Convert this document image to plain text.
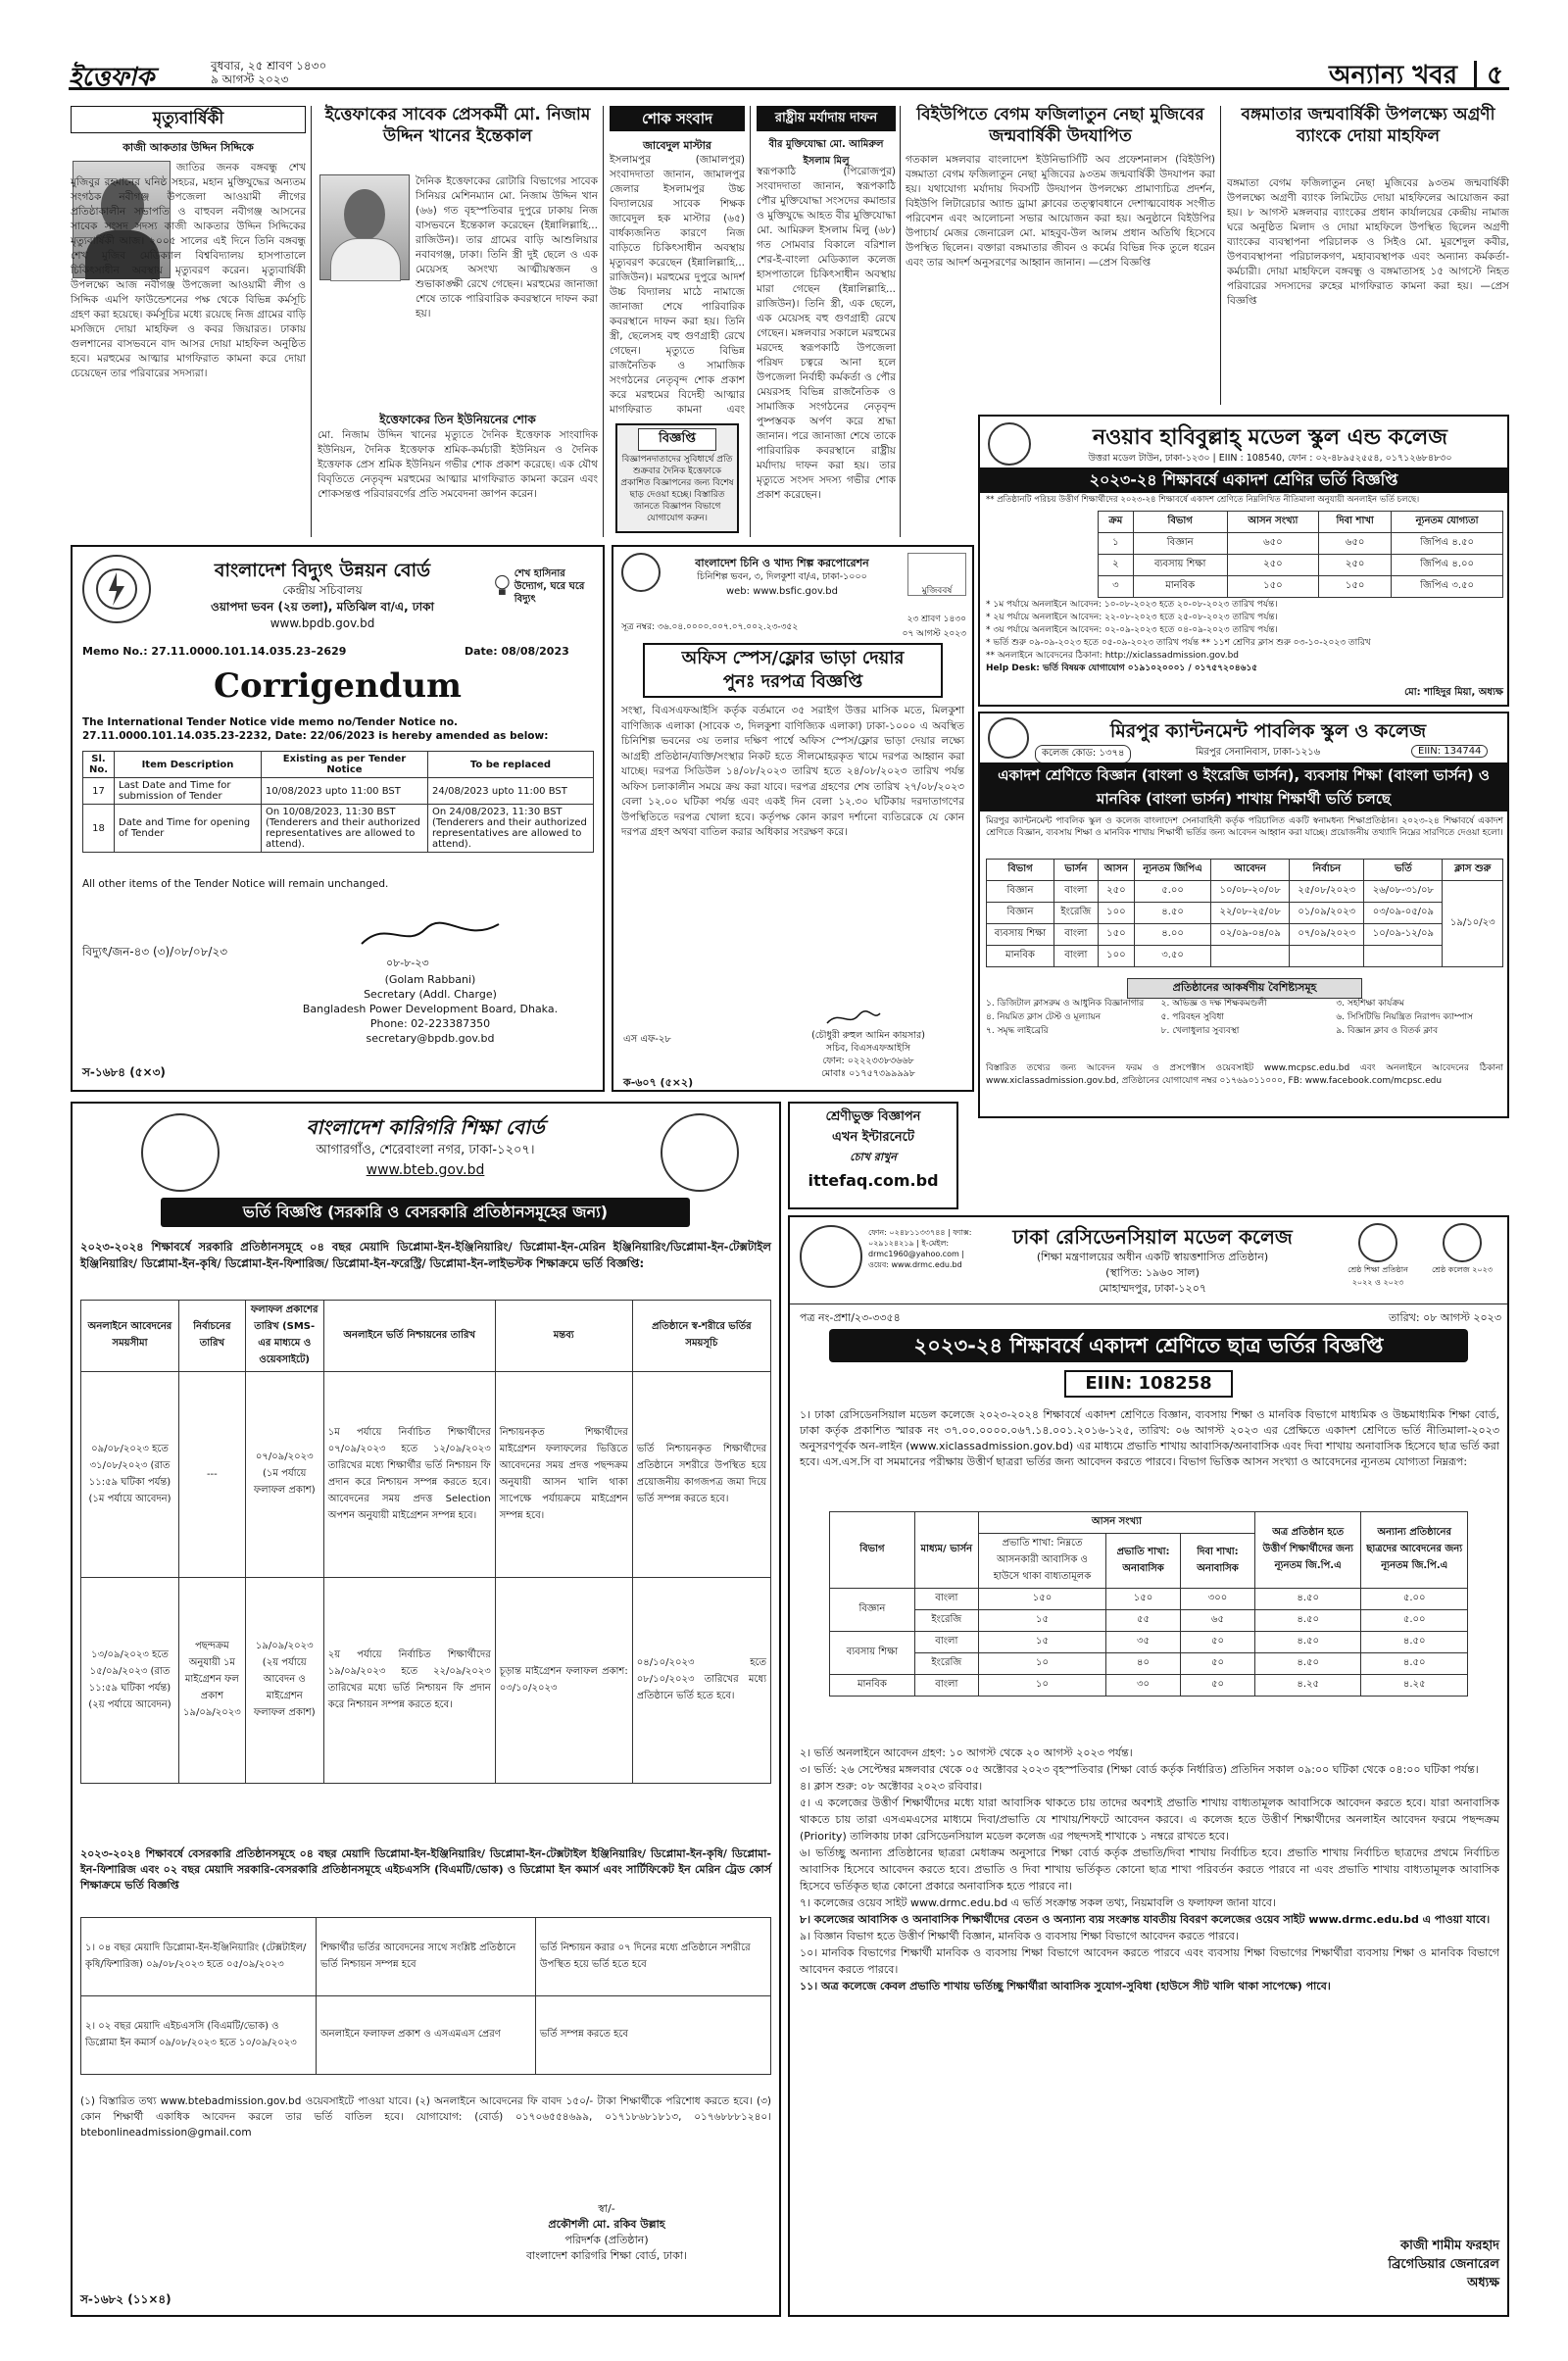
ইত্তেফাক	বুধবার, ২৫ শ্রাবণ ১৪৩০
৯ আগস্ট ২০২৩	অন্যান্য খবর ৫
মৃত্যুবার্ষিকী
কাজী আকতার উদ্দিন সিদ্দিকে
জাতির জনক বঙ্গবন্ধু শেখ মুজিবুর রহমানের ঘনিষ্ঠ সহচর, মহান মুক্তিযুদ্ধের অন্যতম সংগঠক নবীগঞ্জ উপজেলা আওয়ামী লীগের প্রতিষ্ঠাকালীন সভাপতি ও বাহুবল নবীগঞ্জ আসনের সাবেক সংসদ সদস্য কাজী আকতার উদ্দিন সিদ্দিকের মৃত্যুবার্ষিকী আজ। ২০০৫ সালের এই দিনে তিনি বঙ্গবন্ধু শেখ মুজিব মেডিক্যাল বিশ্ববিদ্যালয় হাসপাতালে চিকিৎসাধীন অবস্থায় মৃত্যুবরণ করেন। মৃত্যুবার্ষিকী উপলক্ষ্যে আজ নবীগঞ্জ উপজেলা আওয়ামী লীগ ও সিদ্দিক এমপি ফাউন্ডেশনের পক্ষ থেকে বিভিন্ন কর্মসূচি গ্রহণ করা হয়েছে। কর্মসূচির মধ্যে রয়েছে নিজ গ্রামের বাড়ি মসজিদে দোয়া মাহফিল ও কবর জিয়ারত। ঢাকায় গুলশানের বাসভবনে বাদ আসর দোয়া মাহফিল অনুষ্ঠিত হবে। মরহুমের আত্মার মাগফিরাত কামনা করে দোয়া চেয়েছেন তার পরিবারের সদস্যরা।
ইত্তেফাকের সাবেক প্রেসকর্মী মো. নিজাম উদ্দিন খানের ইন্তেকাল
দৈনিক ইত্তেফাকের রোটারি বিভাগের সাবেক সিনিয়র মেশিনম্যান মো. নিজাম উদ্দিন খান (৬৬) গত বৃহস্পতিবার দুপুরে ঢাকায় নিজ বাসভবনে ইন্তেকাল করেছেন (ইন্নালিল্লাহি... রাজিউন)। তার গ্রামের বাড়ি আশুলিয়ার নবাবগঞ্জ, ঢাকা। তিনি স্ত্রী দুই ছেলে ও এক মেয়েসহ অসংখ্য আত্মীয়স্বজন ও শুভাকাঙ্ক্ষী রেখে গেছেন। মরহুমের জানাজা শেষে তাকে পারিবারিক কবরস্থানে দাফন করা হয়।
ইত্তেফাকের তিন ইউনিয়নের শোক
মো. নিজাম উদ্দিন খানের মৃত্যুতে দৈনিক ইত্তেফাক সাংবাদিক ইউনিয়ন, দৈনিক ইত্তেফাক শ্রমিক-কর্মচারী ইউনিয়ন ও দৈনিক ইত্তেফাক প্রেস শ্রমিক ইউনিয়ন গভীর শোক প্রকাশ করেছে। এক যৌথ বিবৃতিতে নেতৃবৃন্দ মরহুমের আত্মার মাগফিরাত কামনা করেন এবং শোকসন্তপ্ত পরিবারবর্গের প্রতি সমবেদনা জ্ঞাপন করেন।
শোক সংবাদ
জাবেদুল মাস্টার
ইসলামপুর (জামালপুর) সংবাদদাতা জানান, জামালপুর জেলার ইসলামপুর উচ্চ বিদ্যালয়ের সাবেক শিক্ষক জাবেদুল হক মাস্টার (৬৫) বার্ধক্যজনিত কারণে নিজ বাড়িতে চিকিৎসাধীন অবস্থায় মৃত্যুবরণ করেছেন (ইন্নালিল্লাহি... রাজিউন)। মরহুমের দুপুরে আদর্শ উচ্চ বিদ্যালয় মাঠে নামাজে জানাজা শেষে পারিবারিক কবরস্থানে দাফন করা হয়। তিনি স্ত্রী, ছেলেসহ বহু গুণগ্রাহী রেখে গেছেন। মৃত্যুতে বিভিন্ন রাজনৈতিক ও সামাজিক সংগঠনের নেতৃবৃন্দ শোক প্রকাশ করে মরহুমের বিদেহী আত্মার মাগফিরাত কামনা এবং
বিজ্ঞপ্তি
বিজ্ঞাপনদাতাদের সুবিধার্থে প্রতি শুক্রবার দৈনিক ইত্তেফাকে প্রকাশিত বিজ্ঞাপনের জন্য বিশেষ ছাড় দেওয়া হচ্ছে। বিস্তারিত জানতে বিজ্ঞাপন বিভাগে যোগাযোগ করুন।
রাষ্ট্রীয় মর্যাদায় দাফন
বীর মুক্তিযোদ্ধা মো. আমিরুল ইসলাম মিলু
স্বরূপকাঠি (পিরোজপুর) সংবাদদাতা জানান, স্বরূপকাঠি পৌর মুক্তিযোদ্ধা সংসদের কমান্ডার ও মুক্তিযুদ্ধে আহত বীর মুক্তিযোদ্ধা মো. আমিরুল ইসলাম মিলু (৬৮) গত সোমবার বিকালে বরিশাল শের-ই-বাংলা মেডিক্যাল কলেজ হাসপাতালে চিকিৎসাধীন অবস্থায় মারা গেছেন (ইন্নালিল্লাহি... রাজিউন)। তিনি স্ত্রী, এক ছেলে, এক মেয়েসহ বহু গুণগ্রাহী রেখে গেছেন। মঙ্গলবার সকালে মরহুমের মরদেহ স্বরূপকাঠি উপজেলা পরিষদ চত্বরে আনা হলে উপজেলা নির্বাহী কর্মকর্তা ও পৌর মেয়রসহ বিভিন্ন রাজনৈতিক ও সামাজিক সংগঠনের নেতৃবৃন্দ পুষ্পস্তবক অর্পণ করে শ্রদ্ধা জানান। পরে জানাজা শেষে তাকে পারিবারিক কবরস্থানে রাষ্ট্রীয় মর্যাদায় দাফন করা হয়। তার মৃত্যুতে সংসদ সদস্য গভীর শোক প্রকাশ করেছেন।
বিইউপিতে বেগম ফজিলাতুন নেছা মুজিবের জন্মবার্ষিকী উদযাপিত
গতকাল মঙ্গলবার বাংলাদেশ ইউনিভার্সিটি অব প্রফেশনালস (বিইউপি) বঙ্গমাতা বেগম ফজিলাতুন নেছা মুজিবের ৯৩তম জন্মবার্ষিকী উদযাপন করা হয়। যথাযোগ্য মর্যাদায় দিবসটি উদযাপন উপলক্ষ্যে প্রামাণ্যচিত্র প্রদর্শন, বিইউপি লিটারেচার অ্যান্ড ড্রামা ক্লাবের তত্ত্বাবধানে দেশাত্মবোধক সংগীত পরিবেশন এবং আলোচনা সভার আয়োজন করা হয়। অনুষ্ঠানে বিইউপির উপাচার্য মেজর জেনারেল মো. মাহবুব-উল আলম প্রধান অতিথি হিসেবে উপস্থিত ছিলেন। বক্তারা বঙ্গমাতার জীবন ও কর্মের বিভিন্ন দিক তুলে ধরেন এবং তার আদর্শ অনুসরণের আহ্বান জানান। —প্রেস বিজ্ঞপ্তি
বঙ্গমাতার জন্মবার্ষিকী উপলক্ষ্যে অগ্রণী ব্যাংকে দোয়া মাহফিল
বঙ্গমাতা বেগম ফজিলাতুন নেছা মুজিবের ৯৩তম জন্মবার্ষিকী উপলক্ষ্যে অগ্রণী ব্যাংক লিমিটেড দোয়া মাহফিলের আয়োজন করা হয়। ৮ আগস্ট মঙ্গলবার ব্যাংকের প্রধান কার্যালয়ের কেন্দ্রীয় নামাজ ঘরে অনুষ্ঠিত মিলাদ ও দোয়া মাহফিলে উপস্থিত ছিলেন অগ্রণী ব্যাংকের ব্যবস্থাপনা পরিচালক ও সিইও মো. মুরশেদুল কবীর, উপব্যবস্থাপনা পরিচালকগণ, মহাব্যবস্থাপক এবং অন্যান্য কর্মকর্তা-কর্মচারী। দোয়া মাহফিলে বঙ্গবন্ধু ও বঙ্গমাতাসহ ১৫ আগস্টে নিহত পরিবারের সদস্যদের রুহের মাগফিরাত কামনা করা হয়। —প্রেস বিজ্ঞপ্তি
বাংলাদেশ বিদ্যুৎ উন্নয়ন বোর্ড
কেন্দ্রীয় সচিবালয়
ওয়াপদা ভবন (২য় তলা), মতিঝিল বা/এ, ঢাকা
www.bpdb.gov.bd
শেখ হাসিনার উদ্যোগ, ঘরে ঘরে বিদ্যুৎ
Memo No.: 27.11.0000.101.14.035.23–2629	Date: 08/08/2023
Corrigendum
The International Tender Notice vide memo no/Tender Notice no. 27.11.0000.101.14.035.23-2232, Date: 22/06/2023 is hereby amended as below:
Sl. No.	Item Description	Existing as per Tender Notice	To be replaced
17	Last Date and Time for submission of Tender	10/08/2023 upto 11:00 BST	24/08/2023 upto 11:00 BST
18	Date and Time for opening of Tender	On 10/08/2023, 11:30 BST (Tenderers and their authorized representatives are allowed to attend).	On 24/08/2023, 11:30 BST (Tenderers and their authorized representatives are allowed to attend).
All other items of the Tender Notice will remain unchanged.
বিদ্যুৎ/জন-৪৩ (৩)/০৮/০৮/২৩
০৮-৮-২৩
(Golam Rabbani)
Secretary (Addl. Charge)
Bangladesh Power Development Board, Dhaka.
Phone: 02-223387350
secretary@bpdb.gov.bd
স-১৬৮৪ (৫×৩)
বাংলাদেশ চিনি ও খাদ্য শিল্প করপোরেশন
চিনিশিল্প ভবন, ৩, দিলকুশা বা/এ, ঢাকা-১০০০
web: www.bsfic.gov.bd	মুজিববর্ষ
সূত্র নম্বর: ৩৬.০৪.০০০০.০০৭.০৭.০০২.২৩-৩৫২
২৩ শ্রাবণ ১৪৩০
০৭ আগস্ট ২০২৩
অফিস স্পেস/ফ্লোর ভাড়া দেয়ার
পুনঃ দরপত্র বিজ্ঞপ্তি
সংস্থা, বিএসএফআইসি কর্তৃক বর্তমানে ৩৫ সরাইগ উত্তর মাসিক মতে, মিলকুশা বাণিজ্যিক এলাকা (সাবেক ৩, দিলকুশা বাণিজ্যিক এলাকা) ঢাকা-১০০০ এ অবস্থিত চিনিশিল্প ভবনের ৩য় তলার দক্ষিণ পার্শ্বে অফিস স্পেস/ফ্লোর ভাড়া দেয়ার লক্ষ্যে আগ্রহী প্রতিষ্ঠান/ব্যক্তি/সংস্থার নিকট হতে সীলমোহরকৃত খামে দরপত্র আহ্বান করা যাচ্ছে। দরপত্র সিডিউল ১৪/০৮/২০২৩ তারিখ হতে ২৪/০৮/২০২৩ তারিখ পর্যন্ত অফিস চলাকালীন সময়ে ক্রয় করা যাবে। দরপত্র গ্রহণের শেষ তারিখ ২৭/০৮/২০২৩ বেলা ১২.০০ ঘটিকা পর্যন্ত এবং একই দিন বেলা ১২.৩০ ঘটিকায় দরদাতাগণের উপস্থিতিতে দরপত্র খোলা হবে। কর্তৃপক্ষ কোন কারণ দর্শানো ব্যতিরেকে যে কোন দরপত্র গ্রহণ অথবা বাতিল করার অধিকার সংরক্ষণ করে।
এস এফ-২৮	(চৌধুরী রুহুল আমিন কায়সার)
সচিব, বিএসএফআইসি
ফোন: ০২২২৩৩৮৩৬৬৮
মোবাঃ ০১৭৫৭৩৯৯৯৯৮
ক-৬০৭ (৫×২)
নওয়াব হাবিবুল্লাহ্ মডেল স্কুল এন্ড কলেজ
উত্তরা মডেল টাউন, ঢাকা-১২৩০ | EIIN : 108540, ফোন : ০২-৪৮৯৫২৫৫৪, ০১৭১২৬৮৪৮৩০
২০২৩-২৪ শিক্ষাবর্ষে একাদশ শ্রেণির ভর্তি বিজ্ঞপ্তি
** প্রতিষ্ঠানটি পরিচয় উত্তীর্ণ শিক্ষার্থীদের ২০২৩-২৪ শিক্ষাবর্ষে একাদশ শ্রেণিতে নিম্নলিখিত নীতিমালা অনুযায়ী অনলাইন ভর্তি চলছে।
ক্রম	বিভাগ	আসন সংখ্যা	দিবা শাখা	ন্যূনতম যোগ্যতা
১	বিজ্ঞান	৬৫০	৬৫০	জিপিএ ৪.৫০
২	ব্যবসায় শিক্ষা	২৫০	২৫০	জিপিএ ৪.০০
৩	মানবিক	১৫০	১৫০	জিপিএ ৩.৫০
* ১ম পর্যায়ে অনলাইনে আবেদন: ১০-০৮-২০২৩ হতে ২০-০৮-২০২৩ তারিখ পর্যন্ত।
* ২য় পর্যায়ে অনলাইনে আবেদন: ২২-০৮-২০২৩ হতে ২৫-০৮-২০২৩ তারিখ পর্যন্ত।
* ৩য় পর্যায়ে অনলাইনে আবেদন: ০২-০৯-২০২৩ হতে ০৪-০৯-২০২৩ তারিখ পর্যন্ত।
* ভর্তি শুরু ০৯-০৯-২০২৩ হতে ০৫-০৯-২০২৩ তারিখ পর্যন্ত ** ১১শ শ্রেণির ক্লাস শুরু ০৩-১০-২০২৩ তারিখ
** অনলাইনে আবেদনের ঠিকানা: http://xiclassadmission.gov.bd
Help Desk: ভর্তি বিষয়ক যোগাযোগ ০১৯১০২০০০১ / ০১৭৫৭২০৪৬১৫
মো: শাহিদুর মিয়া, অধ্যক্ষ
মিরপুর ক্যান্টনমেন্ট পাবলিক স্কুল ও কলেজ
কলেজ কোড: ১৩৭৪	মিরপুর সেনানিবাস, ঢাকা-১২১৬	EIIN: 134744
একাদশ শ্রেণিতে বিজ্ঞান (বাংলা ও ইংরেজি ভার্সন), ব্যবসায় শিক্ষা (বাংলা ভার্সন) ও মানবিক (বাংলা ভার্সন) শাখায় শিক্ষার্থী ভর্তি চলছে
মিরপুর ক্যান্টনমেন্ট পাবলিক স্কুল ও কলেজ বাংলাদেশ সেনাবাহিনী কর্তৃক পরিচালিত একটি স্বনামধন্য শিক্ষাপ্রতিষ্ঠান। ২০২৩-২৪ শিক্ষাবর্ষে একাদশ শ্রেণিতে বিজ্ঞান, ব্যবসায় শিক্ষা ও মানবিক শাখায় শিক্ষার্থী ভর্তির জন্য আবেদন আহ্বান করা যাচ্ছে। প্রয়োজনীয় তথ্যাদি নিম্নের সারণিতে দেওয়া হলো।
বিভাগ	ভার্সন	আসন	ন্যূনতম জিপিএ	আবেদন	নির্বাচন	ভর্তি	ক্লাস শুরু
বিজ্ঞান	বাংলা	২৫০	৫.০০	১০/০৮-২০/০৮	২৫/০৮/২০২৩	২৬/০৮-৩১/০৮	১৯/১০/২৩
বিজ্ঞান	ইংরেজি	১০০	৪.৫০	২২/০৮-২৫/০৮	০১/০৯/২০২৩	০৩/০৯-০৫/০৯	
ব্যবসায় শিক্ষা	বাংলা	১৫০	৪.০০	০২/০৯-০৪/০৯	০৭/০৯/২০২৩	১০/০৯-১২/০৯	
মানবিক	বাংলা	১০০	৩.৫০				
প্রতিষ্ঠানের আকর্ষণীয় বৈশিষ্ট্যসমূহ
১. ডিজিটাল ক্লাসরুম ও আধুনিক বিজ্ঞানাগার	২. অভিজ্ঞ ও দক্ষ শিক্ষকমণ্ডলী	৩. সহশিক্ষা কার্যক্রম
৪. নিয়মিত ক্লাস টেস্ট ও মূল্যায়ন	৫. পরিবহন সুবিধা	৬. সিসিটিভি নিয়ন্ত্রিত নিরাপদ ক্যাম্পাস
৭. সমৃদ্ধ লাইব্রেরি	৮. খেলাধুলার সুব্যবস্থা	৯. বিজ্ঞান ক্লাব ও বিতর্ক ক্লাব
বিস্তারিত তথ্যের জন্য আবেদন ফরম ও প্রসপেক্টাস ওয়েবসাইট www.mcpsc.edu.bd এবং অনলাইনে আবেদনের ঠিকানা www.xiclassadmission.gov.bd, প্রতিষ্ঠানের যোগাযোগ নম্বর ০১৭৬৯০১১০০০, FB: www.facebook.com/mcpsc.edu
শ্রেণীভুক্ত বিজ্ঞাপন
এখন ইন্টারনেটে
চোখ রাখুন
ittefaq.com.bd
বাংলাদেশ কারিগরি শিক্ষা বোর্ড
আগারগাঁও, শেরেবাংলা নগর, ঢাকা-১২০৭।
www.bteb.gov.bd
ভর্তি বিজ্ঞপ্তি (সরকারি ও বেসরকারি প্রতিষ্ঠানসমূহের জন্য)
২০২৩-২০২৪ শিক্ষাবর্ষে সরকারি প্রতিষ্ঠানসমূহে ০৪ বছর মেয়াদি ডিপ্লোমা-ইন-ইঞ্জিনিয়ারিং/ ডিপ্লোমা-ইন-মেরিন ইঞ্জিনিয়ারিং/ডিপ্লোমা-ইন-টেক্সটাইল ইঞ্জিনিয়ারিং/ ডিপ্লোমা-ইন-কৃষি/ ডিপ্লোমা-ইন-ফিশারিজ/ ডিপ্লোমা-ইন-ফরেস্ট্রি/ ডিপ্লোমা-ইন-লাইভস্টক শিক্ষাক্রমে ভর্তি বিজ্ঞপ্তি:
অনলাইনে আবেদনের সময়সীমা	নির্বাচনের তারিখ	ফলাফল প্রকাশের তারিখ (SMS-এর মাধ্যমে ও ওয়েবসাইটে)	অনলাইনে ভর্তি নিশ্চায়নের তারিখ	মন্তব্য	প্রতিষ্ঠানে স্ব-শরীরে ভর্তির সময়সূচি
০৯/০৮/২০২৩ হতে ৩১/০৮/২০২৩ (রাত ১১:৫৯ ঘটিকা পর্যন্ত) (১ম পর্যায়ে আবেদন)	---	০৭/০৯/২০২৩ (১ম পর্যায়ে ফলাফল প্রকাশ)	১ম পর্যায়ে নির্বাচিত শিক্ষার্থীদের ০৭/০৯/২০২৩ হতে ১২/০৯/২০২৩ তারিখের মধ্যে শিক্ষার্থীর ভর্তি নিশ্চায়ন ফি প্রদান করে নিশ্চায়ন সম্পন্ন করতে হবে। আবেদনের সময় প্রদত্ত Selection অপশন অনুযায়ী মাইগ্রেশন সম্পন্ন হবে।	নিশ্চায়নকৃত শিক্ষার্থীদের মাইগ্রেশন ফলাফলের ভিত্তিতে আবেদনের সময় প্রদত্ত পছন্দক্রম অনুযায়ী আসন খালি থাকা সাপেক্ষে পর্যায়ক্রমে মাইগ্রেশন সম্পন্ন হবে।	ভর্তি নিশ্চায়নকৃত শিক্ষার্থীদের প্রতিষ্ঠানে সশরীরে উপস্থিত হয়ে প্রয়োজনীয় কাগজপত্র জমা দিয়ে ভর্তি সম্পন্ন করতে হবে।
১৩/০৯/২০২৩ হতে ১৫/০৯/২০২৩ (রাত ১১:৫৯ ঘটিকা পর্যন্ত) (২য় পর্যায়ে আবেদন)	পছন্দক্রম অনুযায়ী ১ম মাইগ্রেশন ফল প্রকাশ ১৯/০৯/২০২৩	১৯/০৯/২০২৩ (২য় পর্যায়ে আবেদন ও মাইগ্রেশন ফলাফল প্রকাশ)	২য় পর্যায়ে নির্বাচিত শিক্ষার্থীদের ১৯/০৯/২০২৩ হতে ২২/০৯/২০২৩ তারিখের মধ্যে ভর্তি নিশ্চায়ন ফি প্রদান করে নিশ্চায়ন সম্পন্ন করতে হবে।	চূড়ান্ত মাইগ্রেশন ফলাফল প্রকাশ: ০৩/১০/২০২৩	০৪/১০/২০২৩ হতে ০৮/১০/২০২৩ তারিখের মধ্যে প্রতিষ্ঠানে ভর্তি হতে হবে।
২০২৩-২০২৪ শিক্ষাবর্ষে বেসরকারি প্রতিষ্ঠানসমূহে ০৪ বছর মেয়াদি ডিপ্লোমা-ইন-ইঞ্জিনিয়ারিং/ ডিপ্লোমা-ইন-টেক্সটাইল ইঞ্জিনিয়ারিং/ ডিপ্লোমা-ইন-কৃষি/ ডিপ্লোমা-ইন-ফিশারিজ এবং ০২ বছর মেয়াদি সরকারি-বেসরকারি প্রতিষ্ঠানসমূহে এইচএসসি (বিএমটি/ভোক) ও ডিপ্লোমা ইন কমার্স এবং সার্টিফিকেট ইন মেরিন ট্রেড কোর্স শিক্ষাক্রমে ভর্তি বিজ্ঞপ্তি
১। ০৪ বছর মেয়াদি ডিপ্লোমা-ইন-ইঞ্জিনিয়ারিং (টেক্সটাইল/কৃষি/ফিশারিজ) ০৯/০৮/২০২৩ হতে ০৫/০৯/২০২৩	শিক্ষার্থীর ভর্তির আবেদনের সাথে সংশ্লিষ্ট প্রতিষ্ঠানে ভর্তি নিশ্চায়ন সম্পন্ন হবে	ভর্তি নিশ্চায়ন করার ০৭ দিনের মধ্যে প্রতিষ্ঠানে সশরীরে উপস্থিত হয়ে ভর্তি হতে হবে
২। ০২ বছর মেয়াদি এইচএসসি (বিএমটি/ভোক) ও ডিপ্লোমা ইন কমার্স ০৯/০৮/২০২৩ হতে ১০/০৯/২০২৩	অনলাইনে ফলাফল প্রকাশ ও এসএমএস প্রেরণ	ভর্তি সম্পন্ন করতে হবে
(১) বিস্তারিত তথ্য www.btebadmission.gov.bd ওয়েবসাইটে পাওয়া যাবে। (২) অনলাইনে আবেদনের ফি বাবদ ১৫০/- টাকা শিক্ষার্থীকে পরিশোধ করতে হবে। (৩) কোন শিক্ষার্থী একাধিক আবেদন করলে তার ভর্তি বাতিল হবে। যোগাযোগ: (বোর্ড) ০১৭০৬৫৫৪৬৯৯, ০১৭১৮৬৮১৮১৩, ০১৭৬৮৮৮১২৪০। btebonlineadmission@gmail.com
স্বা/-
প্রকৌশলী মো. রকিব উল্লাহ
পরিদর্শক (প্রতিষ্ঠান)
বাংলাদেশ কারিগরি শিক্ষা বোর্ড, ঢাকা।
স-১৬৮২ (১১×৪)
ফোন: ০২৪৮১১৩৩৭৪৪ | ফ্যাক্স: ০২৯১২৪২১৯ | ই-মেইল: drmc1960@yahoo.com | ওয়েব: www.drmc.edu.bd
ঢাকা রেসিডেনসিয়াল মডেল কলেজ
(শিক্ষা মন্ত্রণালয়ের অধীন একটি স্বায়ত্তশাসিত প্রতিষ্ঠান)
(স্থাপিত: ১৯৬০ সাল)
মোহাম্মদপুর, ঢাকা-১২০৭
শ্রেষ্ঠ শিক্ষা প্রতিষ্ঠান ২০২২ ও ২০২৩
শ্রেষ্ঠ কলেজ ২০২৩
পত্র নং-প্রশা/২৩-৩৩৫৪	তারিখ: ০৮ আগস্ট ২০২৩
২০২৩-২৪ শিক্ষাবর্ষে একাদশ শ্রেণিতে ছাত্র ভর্তির বিজ্ঞপ্তি
EIIN: 108258
১। ঢাকা রেসিডেনসিয়াল মডেল কলেজে ২০২৩-২০২৪ শিক্ষাবর্ষে একাদশ শ্রেণিতে বিজ্ঞান, ব্যবসায় শিক্ষা ও মানবিক বিভাগে মাধ্যমিক ও উচ্চমাধ্যমিক শিক্ষা বোর্ড, ঢাকা কর্তৃক প্রকাশিত স্মারক নং ৩৭.০০.০০০০.০৬৭.১৪.০০১.২০১৬-১২৫, তারিখ: ০৬ আগস্ট ২০২৩ এর প্রেক্ষিতে একাদশ শ্রেণিতে ভর্তি নীতিমালা-২০২৩ অনুসরণপূর্বক অন-লাইন (www.xiclassadmission.gov.bd) এর মাধ্যমে প্রভাতি শাখায় আবাসিক/অনাবাসিক এবং দিবা শাখায় অনাবাসিক হিসেবে ছাত্র ভর্তি করা হবে। এস.এস.সি বা সমমানের পরীক্ষায় উত্তীর্ণ ছাত্ররা ভর্তির জন্য আবেদন করতে পারবে। বিভাগ ভিত্তিক আসন সংখ্যা ও আবেদনের ন্যূনতম যোগ্যতা নিম্নরূপ:
বিভাগ	মাধ্যম/ ভার্সন	আসন সংখ্যা			অত্র প্রতিষ্ঠান হতে উত্তীর্ণ শিক্ষার্থীদের জন্য ন্যূনতম জি.পি.এ	অন্যান্য প্রতিষ্ঠানের ছাত্রদের আবেদনের জন্য ন্যূনতম জি.পি.এ
		প্রভাতি শাখা: নিম্নতে আসনকারী আবাসিক ও হাউসে থাকা বাধ্যতামূলক	প্রভাতি শাখা: অনাবাসিক	দিবা শাখা: অনাবাসিক		
বিজ্ঞান	বাংলা	১৫০	১৫০	৩০০	৪.৫০	৫.০০
	ইংরেজি	১৫	৫৫	৬৫	৪.৫০	৫.০০
ব্যবসায় শিক্ষা	বাংলা	১৫	৩৫	৫০	৪.৫০	৪.৫০
	ইংরেজি	১০	৪০	৫০	৪.৫০	৪.৫০
মানবিক	বাংলা	১০	৩০	৫০	৪.২৫	৪.২৫
২। ভর্তি অনলাইনে আবেদন গ্রহণ: ১০ আগস্ট থেকে ২০ আগস্ট ২০২৩ পর্যন্ত।
৩। ভর্তি: ২৬ সেপ্টেম্বর মঙ্গলবার থেকে ০৫ অক্টোবর ২০২৩ বৃহস্পতিবার (শিক্ষা বোর্ড কর্তৃক নির্ধারিত) প্রতিদিন সকাল ০৯:০০ ঘটিকা থেকে ০৪:০০ ঘটিকা পর্যন্ত।
৪। ক্লাস শুরু: ০৮ অক্টোবর ২০২৩ রবিবার।
৫। এ কলেজের উত্তীর্ণ শিক্ষার্থীদের মধ্যে যারা আবাসিক থাকতে চায় তাদের অবশ্যই প্রভাতি শাখায় বাধ্যতামূলক আবাসিকে আবেদন করতে হবে। যারা অনাবাসিক থাকতে চায় তারা এসএমএসের মাধ্যমে দিবা/প্রভাতি যে শাখায়/শিফটে আবেদন করবে। এ কলেজ হতে উত্তীর্ণ শিক্ষার্থীদের অনলাইন আবেদন ফরমে পছন্দক্রম (Priority) তালিকায় ঢাকা রেসিডেনসিয়াল মডেল কলেজ এর পছন্দসই শাখাকে ১ নম্বরে রাখতে হবে।
৬। ভর্তিচ্ছু অন্যান্য প্রতিষ্ঠানের ছাত্ররা মেধাক্রম অনুসারে শিক্ষা বোর্ড কর্তৃক প্রভাতি/দিবা শাখায় নির্বাচিত হবে। প্রভাতি শাখায় নির্বাচিত ছাত্রদের প্রথমে নির্বাচিত আবাসিক হিসেবে আবেদন করতে হবে। প্রভাতি ও দিবা শাখায় ভর্তিকৃত কোনো ছাত্র শাখা পরিবর্তন করতে পারবে না এবং প্রভাতি শাখায় বাধ্যতামূলক আবাসিক হিসেবে ভর্তিকৃত ছাত্র কোনো প্রকারে অনাবাসিক হতে পারবে না।
৭। কলেজের ওয়েব সাইট www.drmc.edu.bd এ ভর্তি সংক্রান্ত সকল তথ্য, নিয়মাবলি ও ফলাফল জানা যাবে।
৮। কলেজের আবাসিক ও অনাবাসিক শিক্ষার্থীদের বেতন ও অন্যান্য ব্যয় সংক্রান্ত যাবতীয় বিবরণ কলেজের ওয়েব সাইট www.drmc.edu.bd এ পাওয়া যাবে।
৯। বিজ্ঞান বিভাগ হতে উত্তীর্ণ শিক্ষার্থী বিজ্ঞান, মানবিক ও ব্যবসায় শিক্ষা বিভাগে আবেদন করতে পারবে।
১০। মানবিক বিভাগের শিক্ষার্থী মানবিক ও ব্যবসায় শিক্ষা বিভাগে আবেদন করতে পারবে এবং ব্যবসায় শিক্ষা বিভাগের শিক্ষার্থীরা ব্যবসায় শিক্ষা ও মানবিক বিভাগে আবেদন করতে পারবে।
১১। অত্র কলেজে কেবল প্রভাতি শাখায় ভর্তিচ্ছু শিক্ষার্থীরা আবাসিক সুযোগ-সুবিধা (হাউসে সীট খালি থাকা সাপেক্ষে) পাবে।
কাজী শামীম ফরহাদ
ব্রিগেডিয়ার জেনারেল
অধ্যক্ষ
